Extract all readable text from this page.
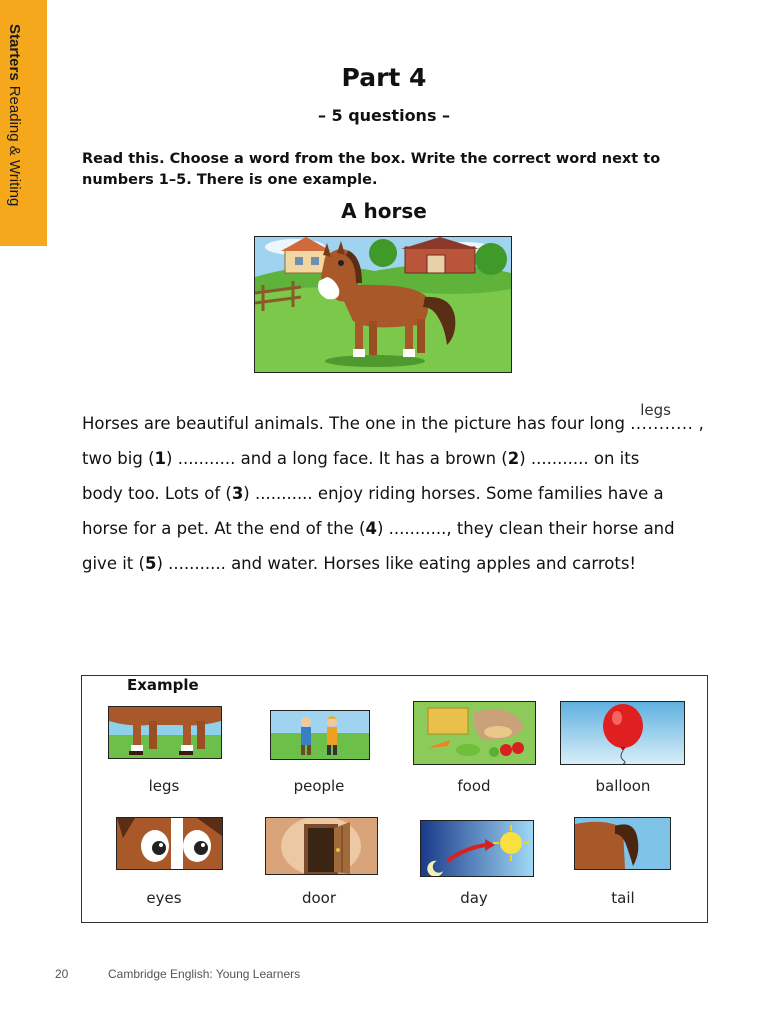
StartersReading & Writing
Part 4
– 5 questions –
Read this. Choose a word from the box. Write the correct word next to numbers 1–5. There is one example.
A horse
Horses are beautiful animals. The one in the picture has four long ...........
legs
,
two big (1) ........... and a long face. It has a brown (2) ........... on its
body too. Lots of (3) ........... enjoy riding horses. Some families have a
horse for a pet. At the end of the (4) ..........., they clean their horse and
give it (5) ........... and water. Horses like eating apples and carrots!
Example
legs	people	food	balloon
eyes	door	day	tail
20	Cambridge English: Young Learners
